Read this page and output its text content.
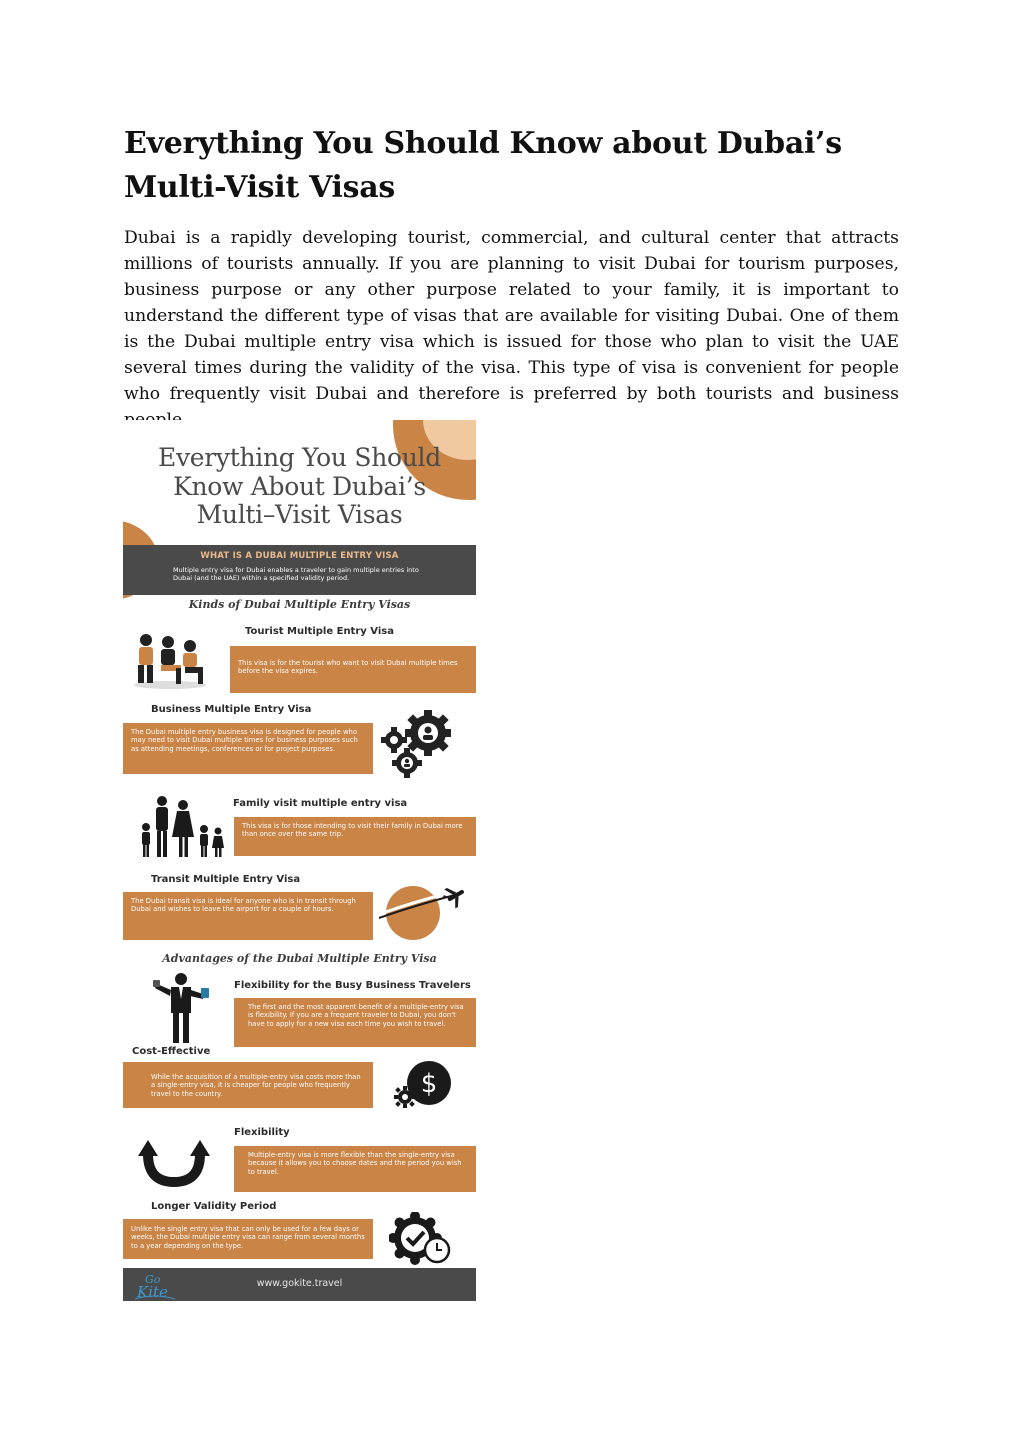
Everything You Should Know about Dubai’s Multi-Visit Visas

Dubai is a rapidly developing tourist, commercial, and cultural center that attracts millions of tourists annually. If you are planning to visit Dubai for tourism purposes, business purpose or any other purpose related to your family, it is important to understand the different type of visas that are available for visiting Dubai. One of them is the Dubai multiple entry visa which is issued for those who plan to visit the UAE several times during the validity of the visa. This type of visa is convenient for people who frequently visit Dubai and therefore is preferred by both tourists and business

Everything You Should
Know About Dubai’s
Multi–Visit Visas
WHAT IS A DUBAI MULTIPLE ENTRY VISA
Multiple entry visa for Dubai enables a traveler to gain multiple entries into Dubai (and the UAE) within a specified validity period.
Kinds of Dubai Multiple Entry Visas
Tourist Multiple Entry Visa
This visa is for the tourist who want to visit Dubai multiple times before the visa expires.
Business Multiple Entry Visa
The Dubai multiple entry business visa is designed for people who may need to visit Dubai multiple times for business purposes such as attending meetings, conferences or for project purposes.
Family visit multiple entry visa
This visa is for those intending to visit their family in Dubai more than once over the same trip.
Transit Multiple Entry Visa
The Dubai transit visa is ideal for anyone who is in transit through Dubai and wishes to leave the airport for a couple of hours.
Advantages of the Dubai Multiple Entry Visa
Flexibility for the Busy Business Travelers
The first and the most apparent benefit of a multiple-entry visa is flexibility. If you are a frequent traveler to Dubai, you don't have to apply for a new visa each time you wish to travel.
Cost-Effective
While the acquisition of a multiple-entry visa costs more than a single-entry visa, it is cheaper for people who frequently travel to the country.	$
Flexibility
Multiple-entry visa is more flexible than the single-entry visa because it allows you to choose dates and the period you wish to travel.
Longer Validity Period
Unlike the single entry visa that can only be used for a few days or weeks, the Dubai multiple entry visa can range from several months to a year depending on the type.
Go
Kite	www.gokite.travel
